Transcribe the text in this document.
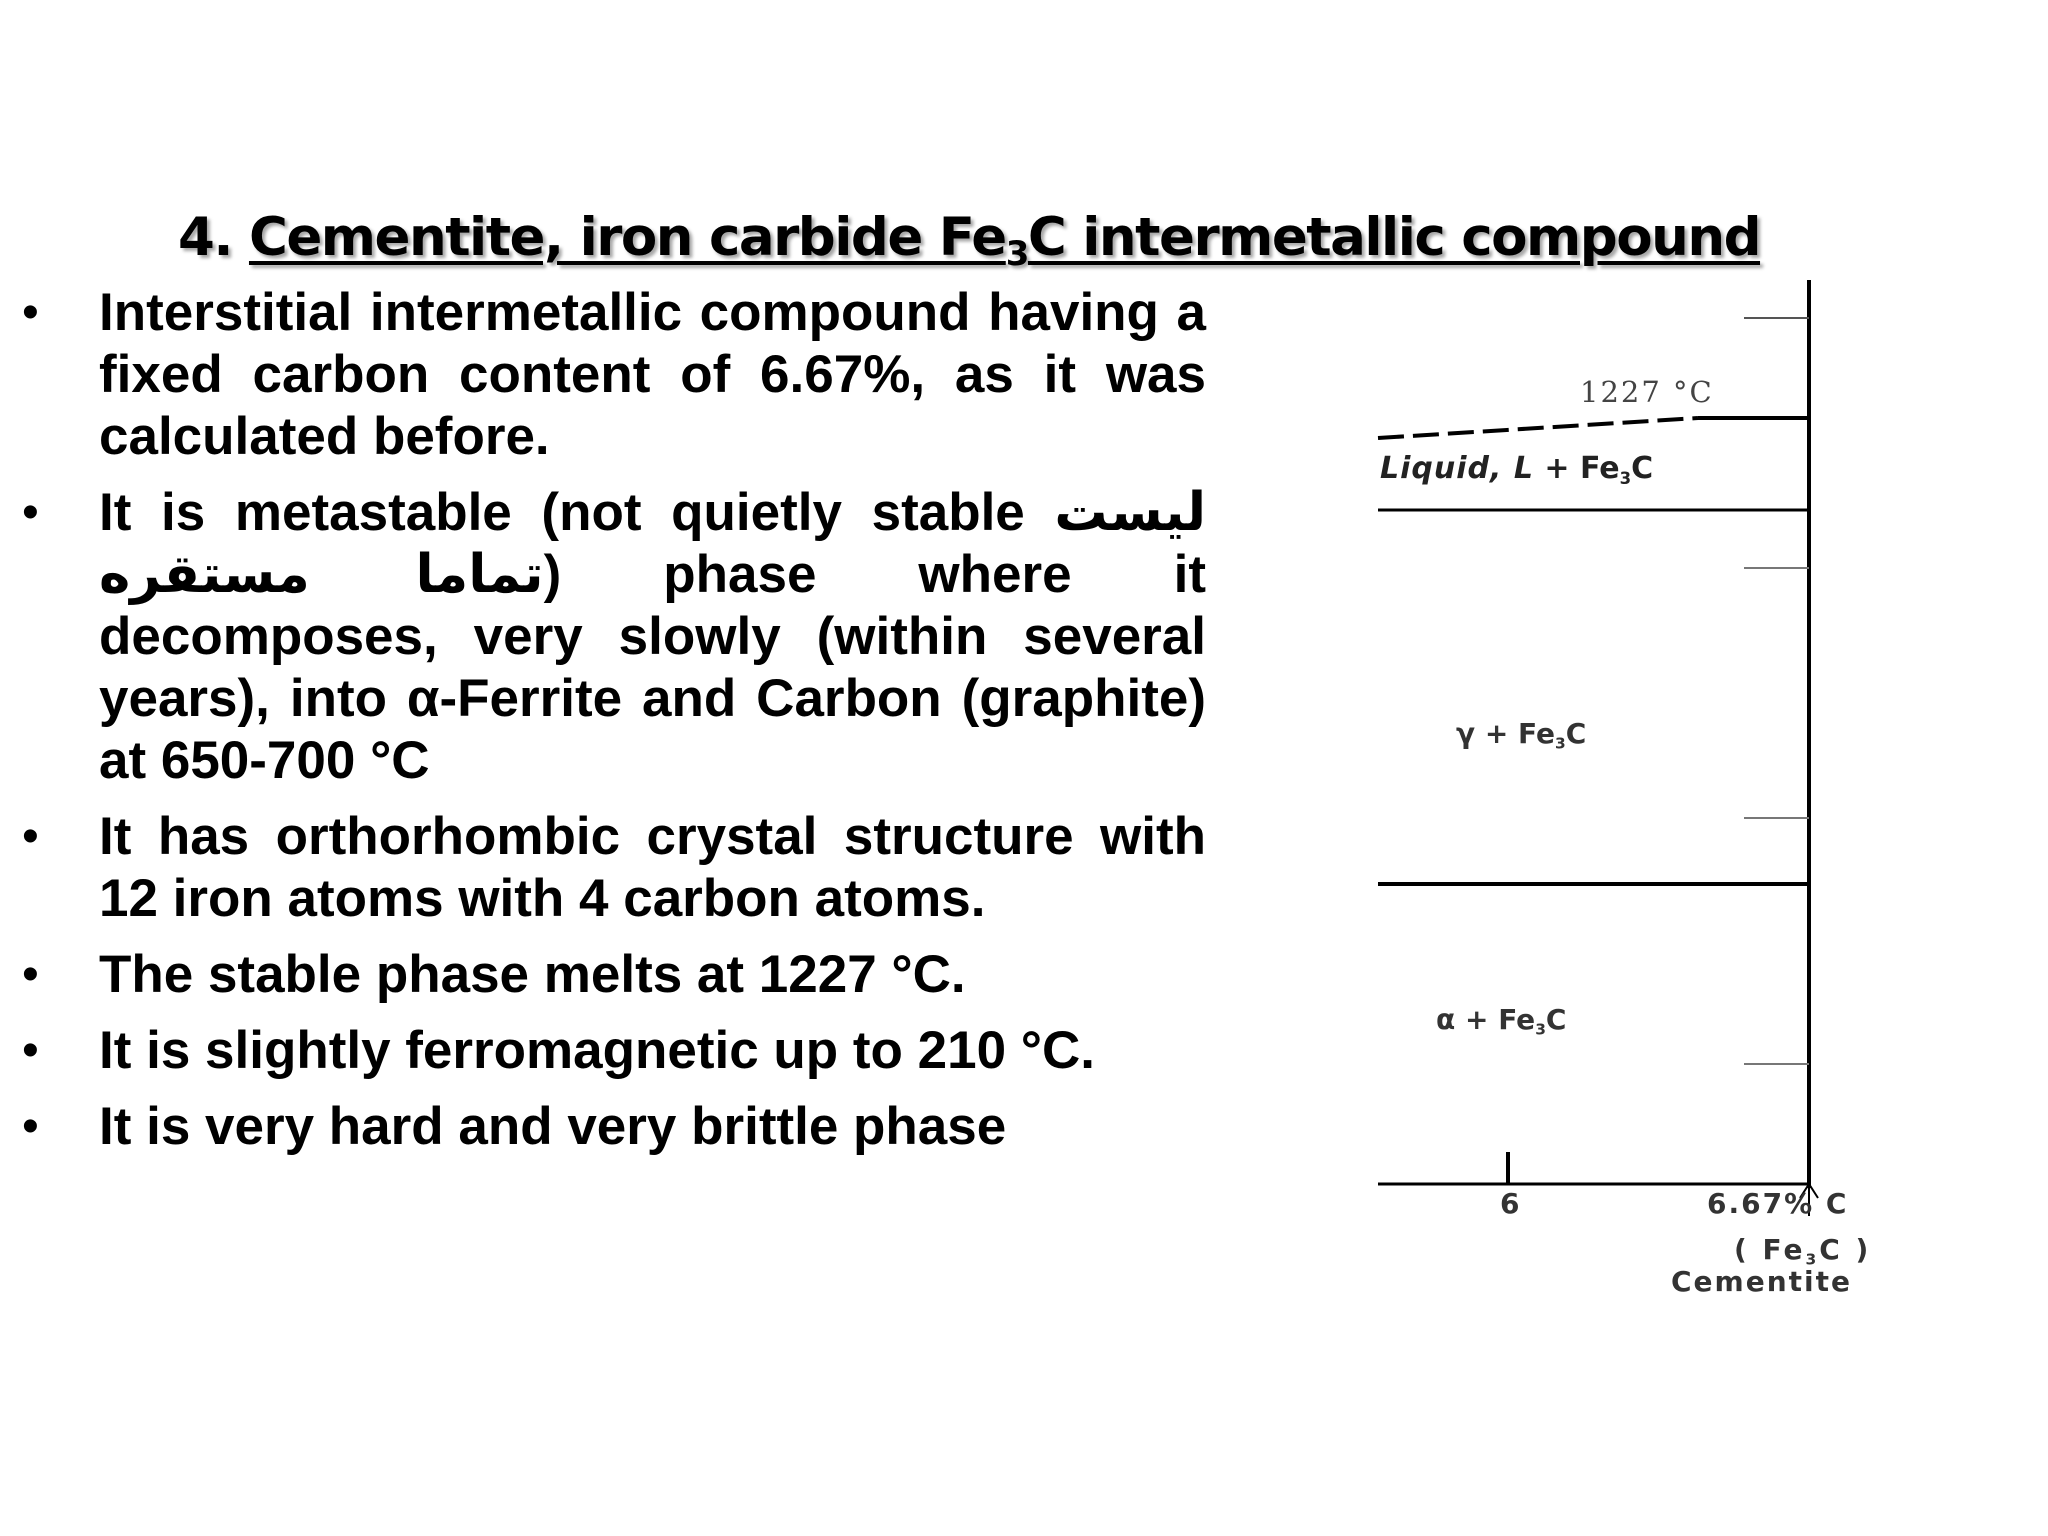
4. Cementite, iron carbide $Fe_3C$ intermetallic compound
• Interstitial intermetallic compound having a fixed carbon content of 6.67%, as it was calculated before.
• It is metastable (not quietly stable ليست تماما مستقره) phase where it decomposes, very slowly (within several years), into α-Ferrite and Carbon (graphite) at 650-700 °C
• It has orthorhombic crystal structure with 12 iron atoms with 4 carbon atoms.
• The stable phase melts at 1227 °C.
• It is slightly ferromagnetic up to 210 °C.
• It is very hard and very brittle phase
1227 °C
Liquid, $L + Fe_3C$
$\gamma + Fe_3C$
$\alpha + Fe_3C$
6	6.67% C
( $Fe_3C$ )
Cementite
